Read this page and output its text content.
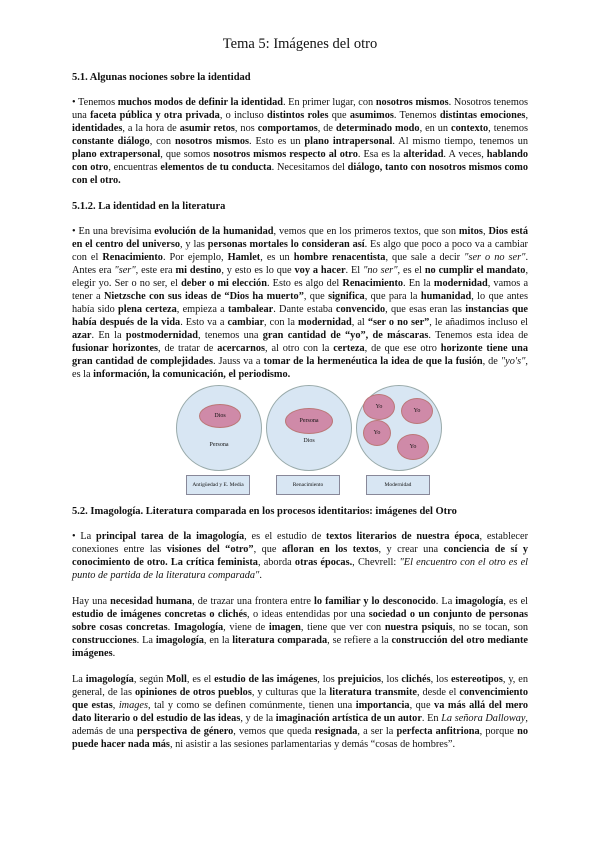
Tema 5: Imágenes del otro
5.1. Algunas nociones sobre la identidad

• Tenemos muchos modos de definir la identidad. En primer lugar, con nosotros mismos. Nosotros tenemos una faceta pública y otra privada, o incluso distintos roles que asumimos. Tenemos distintas emociones, identidades, a la hora de asumir retos, nos comportamos, de determinado modo, en un contexto, tenemos constante diálogo, con nosotros mismos. Esto es un plano intrapersonal. Al mismo tiempo, tenemos un plano extrapersonal, que somos nosotros mismos respecto al otro. Esa es la alteridad. A veces, hablando con otro, encuentras elementos de tu conducta. Necesitamos del diálogo, tanto con nosotros mismos como con el otro.

5.1.2. La identidad en la literatura

• En una brevísima evolución de la humanidad, vemos que en los primeros textos, que son mitos, Dios está en el centro del universo, y las personas mortales lo consideran así. Es algo que poco a poco va a cambiar con el Renacimiento. Por ejemplo, Hamlet, es un hombre renacentista, que sale a decir "ser o no ser". Antes era "ser", este era mi destino, y esto es lo que voy a hacer. El "no ser", es el no cumplir el mandato, elegir yo. Ser o no ser, el deber o mi elección. Esto es algo del Renacimiento. En la modernidad, vamos a tener a Nietzsche con sus ideas de “Dios ha muerto”, que significa, que para la humanidad, lo que antes había sido plena certeza, empieza a tambalear. Dante estaba convencido, que esas eran las instancias que había después de la vida. Esto va a cambiar, con la modernidad, al “ser o no ser”, le añadimos incluso el azar. En la postmodernidad, tenemos una gran cantidad de “yo”, de máscaras. Tenemos esta idea de fusionar horizontes, de tratar de acercarnos, al otro con la certeza, de que ese otro horizonte tiene una gran cantidad de complejidades. Jauss va a tomar de la hermenéutica la idea de que la fusión, de "yo's", es la información, la comunicación, el periodismo.

Dios
Persona
Persona
Dios
Yo
Yo
Yo
Yo
Antigüedad y E. Media	Renacimiento	Modernidad
5.2. Imagología. Literatura comparada en los procesos identitarios: imágenes del Otro

• La principal tarea de la imagología, es el estudio de textos literarios de nuestra época, establecer conexiones entre las visiones del “otro”, que afloran en los textos, y crear una conciencia de sí y conocimiento de otro. La crítica feminista, aborda otras épocas., Chevrell: "El encuentro con el otro es el punto de partida de la literatura comparada".

Hay una necesidad humana, de trazar una frontera entre lo familiar y lo desconocido. La imagología, es el estudio de imágenes concretas o clichés, o ideas entendidas por una sociedad o un conjunto de personas sobre cosas concretas. Imagología, viene de imagen, tiene que ver con nuestra psiquis, no se tocan, son construcciones. La imagología, en la literatura comparada, se refiere a la construcción del otro mediante imágenes.

La imagología, según Moll, es el estudio de las imágenes, los prejuicios, los clichés, los estereotipos, y, en general, de las opiniones de otros pueblos, y culturas que la literatura transmite, desde el convencimiento que estas, images, tal y como se definen comúnmente, tienen una importancia, que va más allá del mero dato literario o del estudio de las ideas, y de la imaginación artística de un autor. En La señora Dalloway, además de una perspectiva de género, vemos que queda resignada, a ser la perfecta anfitriona, porque no puede hacer nada más, ni asistir a las sesiones parlamentarias y demás “cosas de hombres”.
